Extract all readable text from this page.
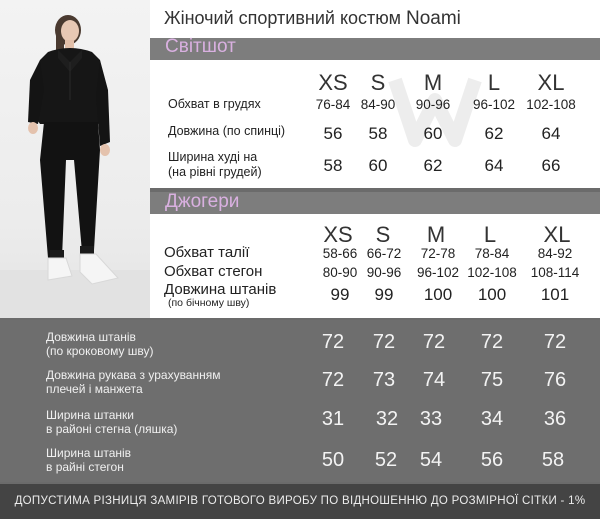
Жіночий спортивний костюм Noami
Світшот
XS	S	M	L	XL
Обхват в грудях	76-84 84-90	90-96	96-102 102-108
Довжина (по спинці)	56	58	60	62	64
Ширина худі на
(на рівні грудей)	58	60	62	64	66
Джогери
XS	S	M	L	XL
Обхват талії	58-66 66-72	72-78	78-84	84-92
Обхват стегон	80-90 90-96	96-102 102-108 108-114
Довжина штанів
(по бічному шву)	99	99	100	100	101
Довжина штанів
(по кроковому шву)	72	72	72	72	72
Довжина рукава з урахуванням
плечей і манжета	72	73	74	75	76
Ширина штанки
в районі стегна (ляшка)	31	32	33	34	36
Ширина штанів
в райні стегон	50	52	54	56	58
ДОПУСТИМА РІЗНИЦЯ ЗАМІРІВ ГОТОВОГО ВИРОБУ ПО ВІДНОШЕННЮ ДО РОЗМІРНОЇ СІТКИ - 1%
